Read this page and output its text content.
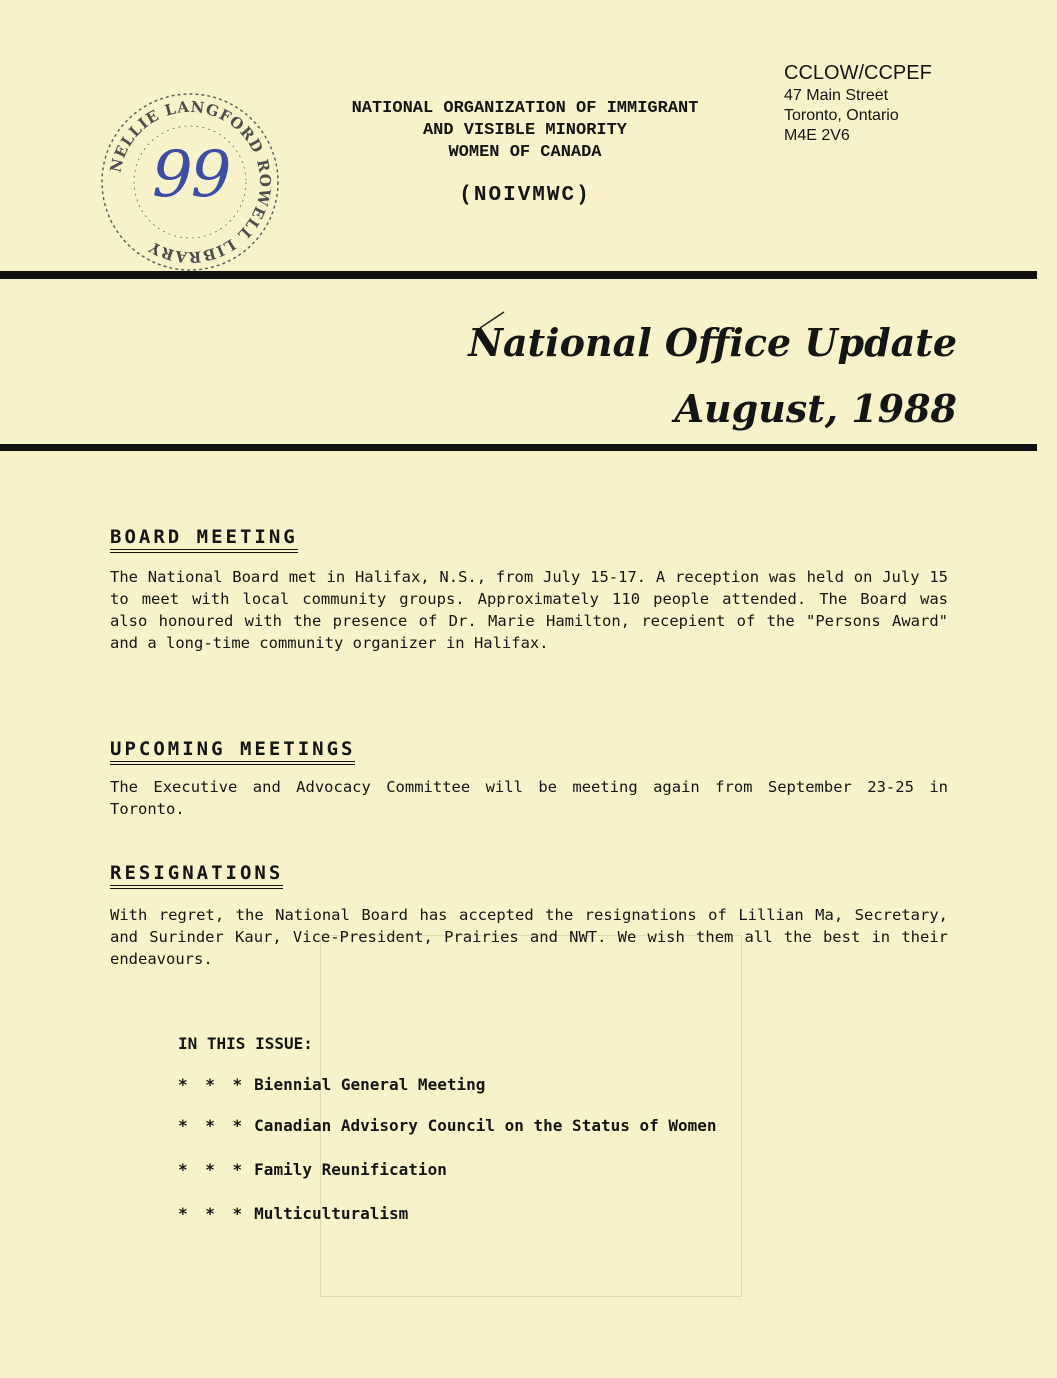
NELLIE LANGFORD ROWELL LIBRARY
99
NATIONAL ORGANIZATION OF IMMIGRANT
AND VISIBLE MINORITY
WOMEN OF CANADA
(NOIVMWC)
CCLOW/CCPEF
47 Main Street
Toronto, Ontario
M4E 2V6
National Office Update
August, 1988
BOARD MEETING
The National Board met in Halifax, N.S., from July 15-17. A reception was held on July 15 to meet with local community groups. Approximately 110 people attended. The Board was also honoured with the presence of Dr. Marie Hamilton, recepient of the "Persons Award" and a long-time community organizer in Halifax.
UPCOMING MEETINGS
The Executive and Advocacy Committee will be meeting again from September 23-25 in Toronto.
RESIGNATIONS
With regret, the National Board has accepted the resignations of Lillian Ma, Secretary, and Surinder Kaur, Vice-President, Prairies and NWT. We wish them all the best in their endeavours.
IN THIS ISSUE:
* * * Biennial General Meeting
* * * Canadian Advisory Council on the Status of Women
* * * Family Reunification
* * * Multiculturalism
